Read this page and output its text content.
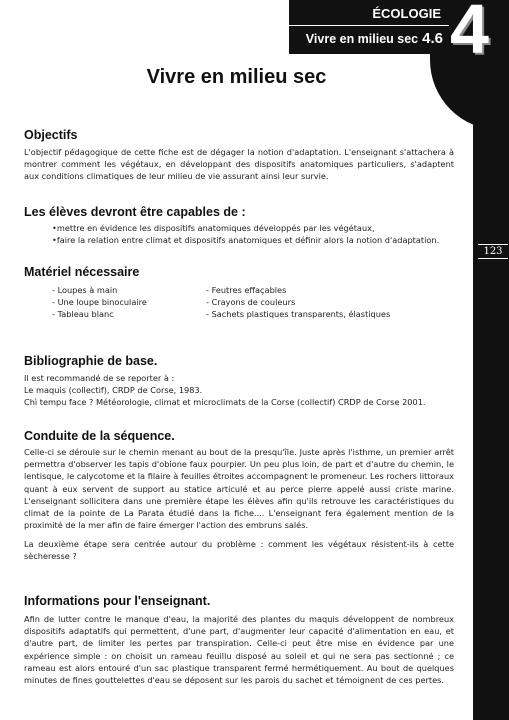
ÉCOLOGIE
Vivre en milieu sec 4.6 4
123
Vivre en milieu sec
Objectifs

L'objectif pédagogique de cette fiche est de dégager la notion d'adaptation. L'enseignant s'attachera à montrer comment les végétaux, en développant des dispositifs anatomiques particuliers, s'adaptent aux conditions climatiques de leur milieu de vie assurant ainsi leur survie.

Les élèves devront être capables de :
• mettre en évidence les dispositifs anatomiques développés par les végétaux,
• faire la relation entre climat et dispositifs anatomiques et définir alors la notion d'adaptation.
Matériel nécessaire
- Loupes à main
- Une loupe binoculaire
- Tableau blanc
- Feutres effaçables
- Crayons de couleurs
- Sachets plastiques transparents, élastiques
Bibliographie de base.

Il est recommandé de se reporter à :

Le maquis (collectif), CRDP de Corse, 1983.

Chì tempu face ? Météorologie, climat et microclimats de la Corse (collectif) CRDP de Corse 2001.

Conduite de la séquence.

Celle-ci se déroule sur le chemin menant au bout de la presqu'île. Juste après l'isthme, un premier arrêt permettra d'observer les tapis d'obione faux pourpier. Un peu plus loin, de part et d'autre du chemin, le lentisque, le calycotome et la filaire à feuilles étroites accompagnent le promeneur. Les rochers littoraux quant à eux servent de support au statice articulé et au perce pierre appelé aussi criste marine. L'enseignant sollicitera dans une première étape les élèves afin qu'ils retrouve les caractéristiques du climat de la pointe de La Parata étudié dans la fiche.... L'enseignant fera également mention de la proximité de la mer afin de faire émerger l'action des embruns salés.

La deuxième étape sera centrée autour du problème : comment les végétaux résistent-ils à cette sècheresse ?

Informations pour l'enseignant.

Afin de lutter contre le manque d'eau, la majorité des plantes du maquis développent de nombreux dispositifs adaptatifs qui permettent, d'une part, d'augmenter leur capacité d'alimentation en eau, et d'autre part, de limiter les pertes par transpiration. Celle-ci peut être mise en évidence par une expérience simple : on choisit un rameau feuillu disposé au soleil et qui ne sera pas sectionné ; ce rameau est alors entouré d'un sac plastique transparent fermé hermétiquement. Au bout de quelques minutes de fines gouttelettes d'eau se déposent sur les parois du sachet et témoignent de ces pertes.
